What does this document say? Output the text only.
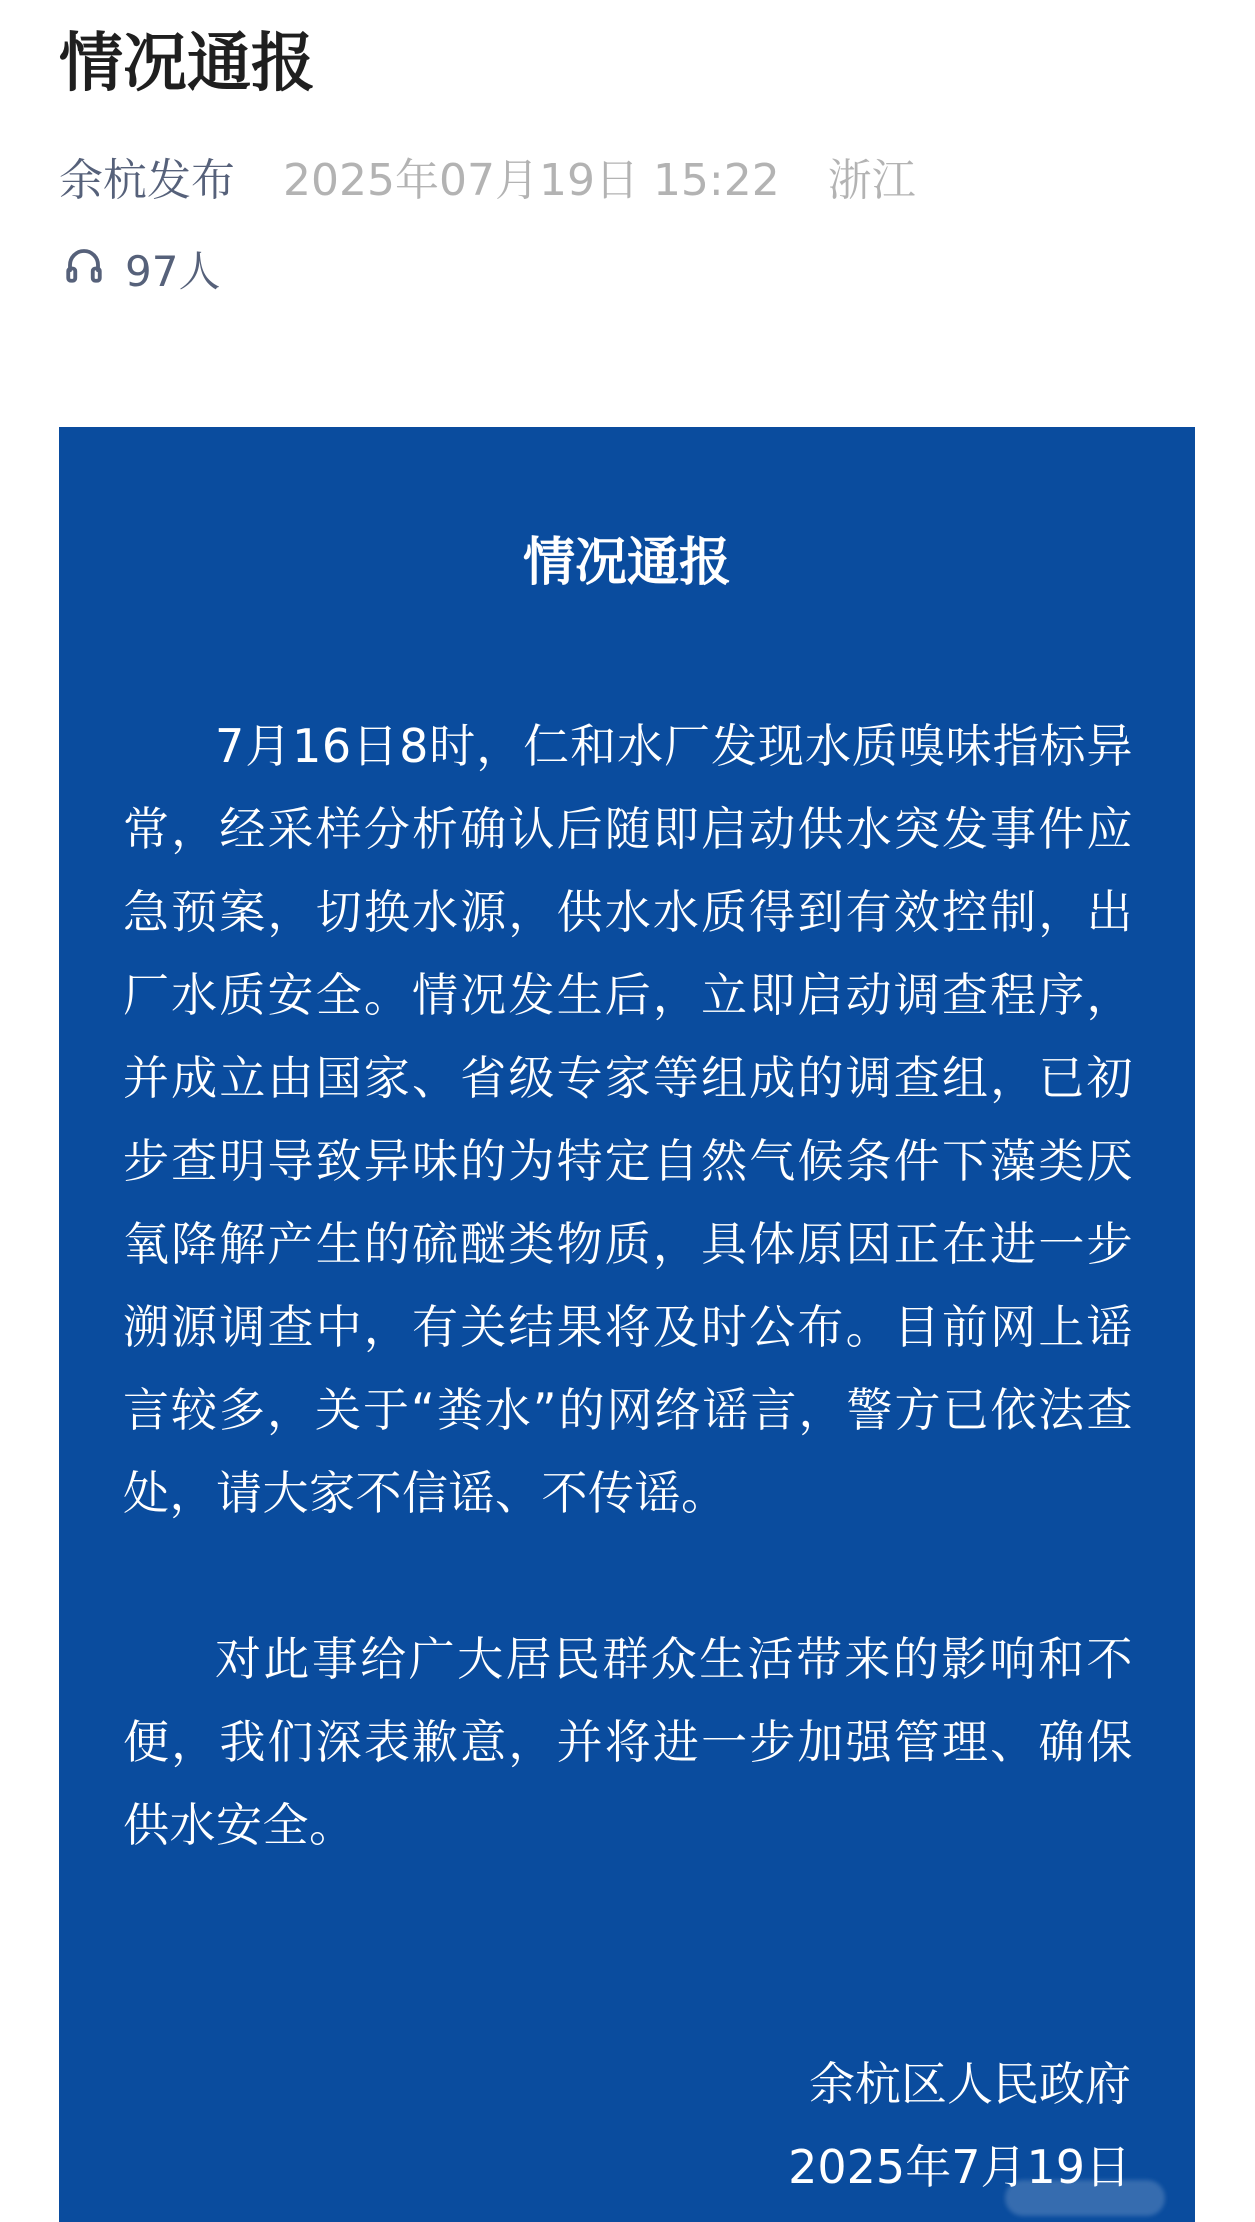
情况通报
余杭发布 2025年07月19日 15:22 浙江
97人
情况通报

7月16日8时，仁和水厂发现水质嗅味指标异常，经采样分析确认后随即启动供水突发事件应急预案，切换水源，供水水质得到有效控制，出厂水质安全。情况发生后，立即启动调查程序，并成立由国家、省级专家等组成的调查组，已初步查明导致异味的为特定自然气候条件下藻类厌氧降解产生的硫醚类物质，具体原因正在进一步溯源调查中，有关结果将及时公布。目前网上谣言较多，关于“粪水”的网络谣言，警方已依法查处，请大家不信谣、不传谣。

对此事给广大居民群众生活带来的影响和不便，我们深表歉意，并将进一步加强管理、确保供水安全。

余杭区人民政府
2025年7月19日
